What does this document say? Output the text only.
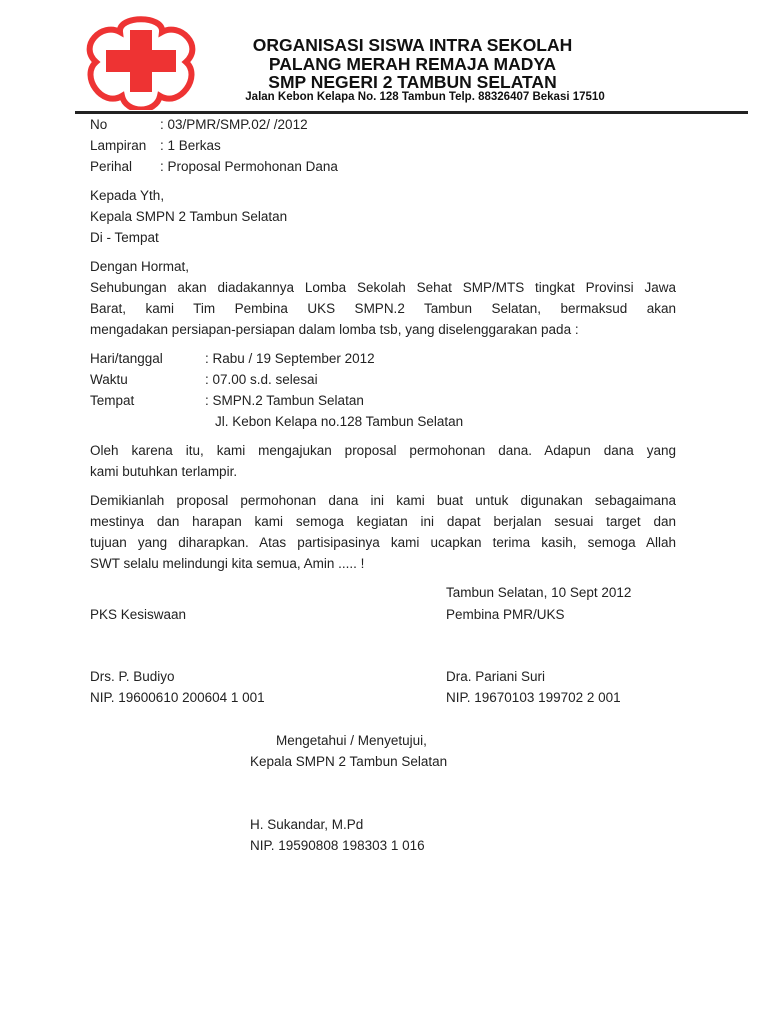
ORGANISASI SISWA INTRA SEKOLAH
PALANG MERAH REMAJA MADYA
SMP NEGERI 2 TAMBUN SELATAN
Jalan Kebon Kelapa No. 128 Tambun Telp. 88326407 Bekasi 17510
No	: 03/PMR/SMP.02/ /2012
Lampiran : 1 Berkas
Perihal : Proposal Permohonan Dana
Kepada Yth,
Kepala SMPN 2 Tambun Selatan
Di - Tempat
Dengan Hormat,
Sehubungan akan diadakannya Lomba Sekolah Sehat SMP/MTS tingkat Provinsi Jawa
Barat, kami Tim Pembina UKS SMPN.2 Tambun Selatan, bermaksud akan
mengadakan persiapan-persiapan dalam lomba tsb, yang diselenggarakan pada :
Hari/tanggal	: Rabu / 19 September 2012
Waktu	: 07.00 s.d. selesai
Tempat	: SMPN.2 Tambun Selatan
Jl. Kebon Kelapa no.128 Tambun Selatan
Oleh karena itu, kami mengajukan proposal permohonan dana. Adapun dana yang
kami butuhkan terlampir.
Demikianlah proposal permohonan dana ini kami buat untuk digunakan sebagaimana
mestinya dan harapan kami semoga kegiatan ini dapat berjalan sesuai target dan
tujuan yang diharapkan. Atas partisipasinya kami ucapkan terima kasih, semoga Allah
SWT selalu melindungi kita semua, Amin ..... !
Tambun Selatan, 10 Sept 2012
PKS Kesiswaan	Pembina PMR/UKS
Drs. P. Budiyo	Dra. Pariani Suri
NIP. 19600610 200604 1 001	NIP. 19670103 199702 2 001
Mengetahui / Menyetujui,
Kepala SMPN 2 Tambun Selatan
H. Sukandar, M.Pd
NIP. 19590808 198303 1 016
